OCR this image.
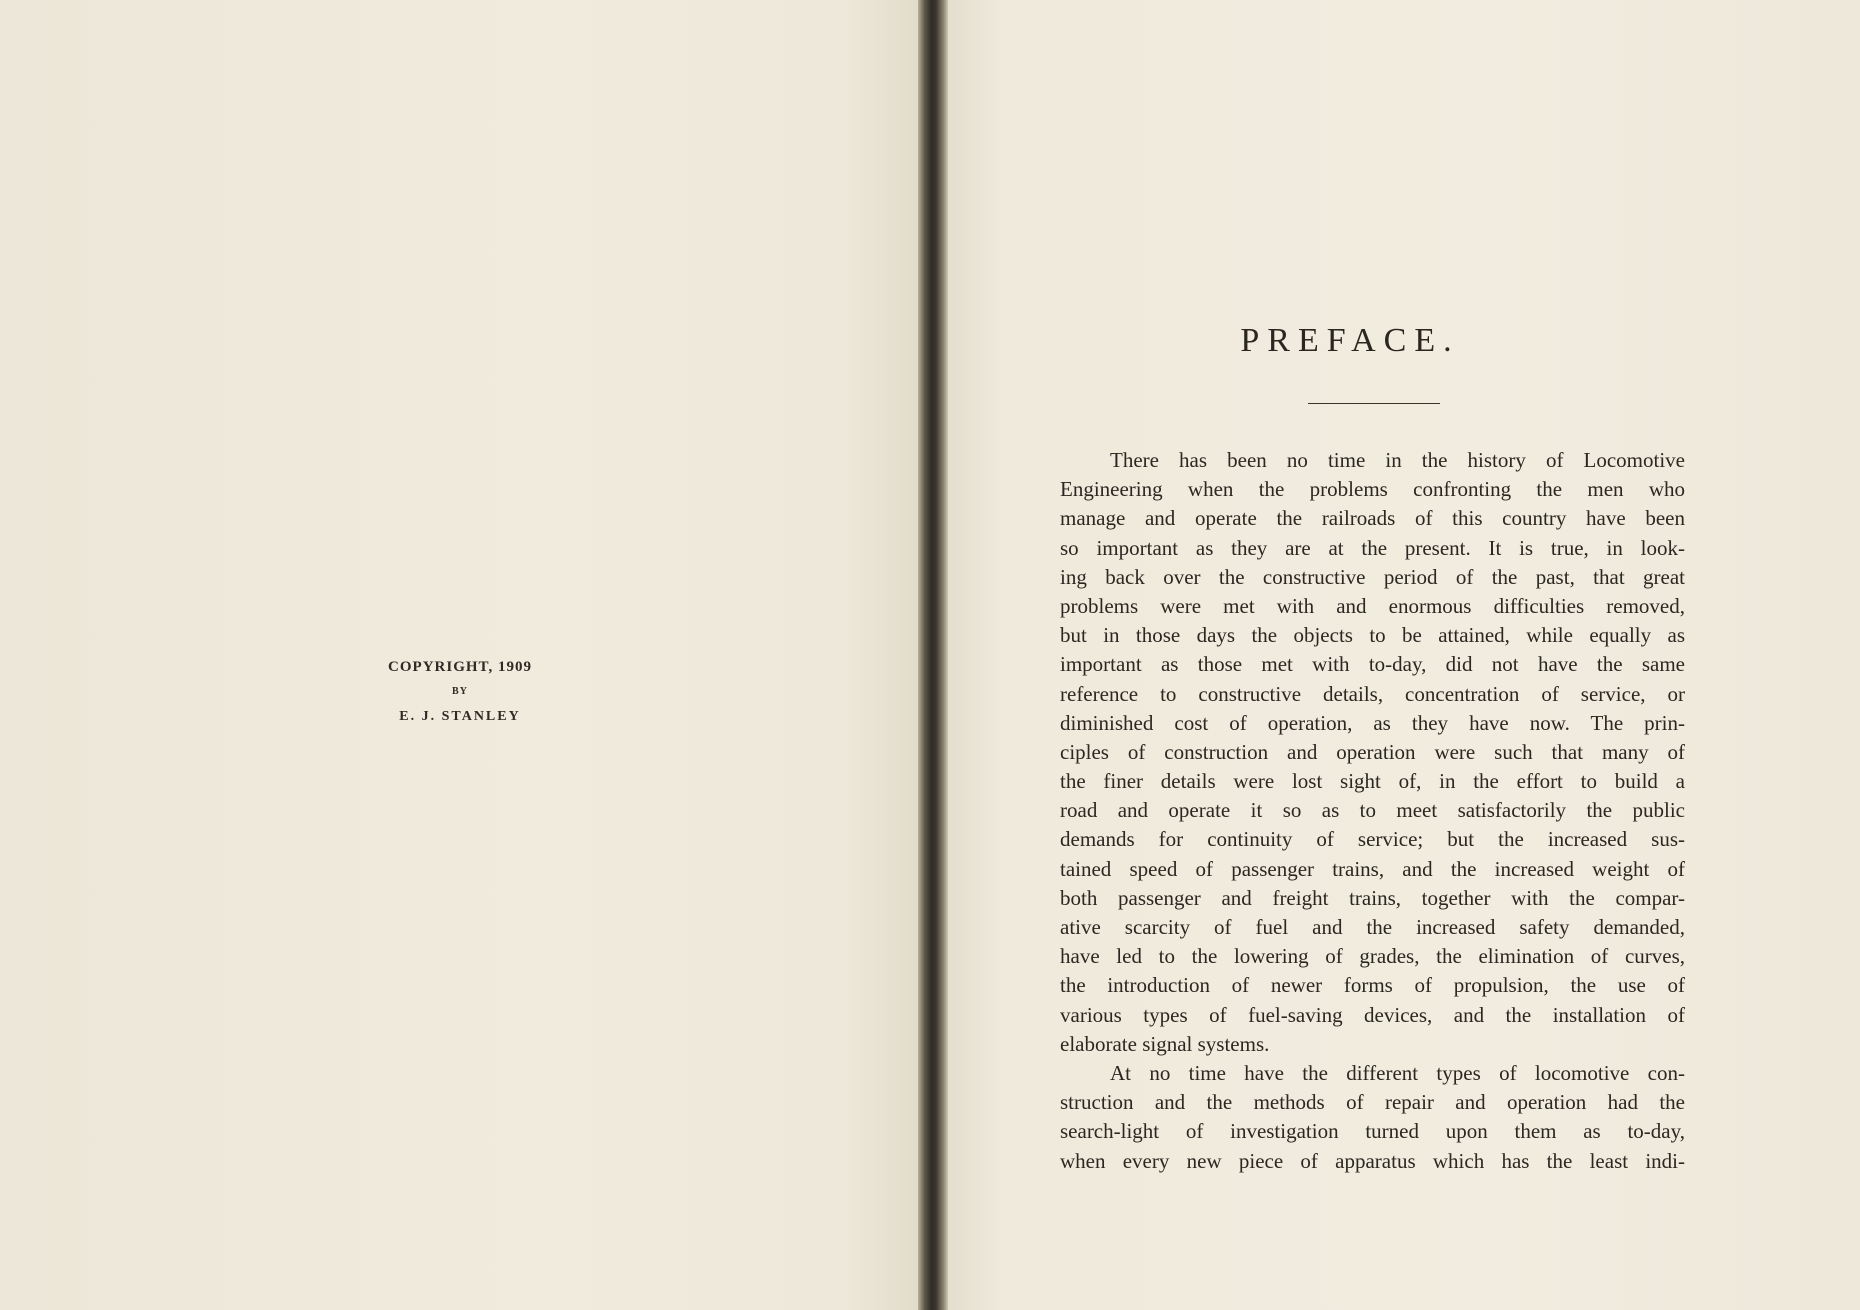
COPYRIGHT, 1909
BY
E. J. STANLEY
PREFACE.
There has been no time in the history of Locomotive
Engineering when the problems confronting the men who
manage and operate the railroads of this country have been
so important as they are at the present. It is true, in look-
ing back over the constructive period of the past, that great
problems were met with and enormous difficulties removed,
but in those days the objects to be attained, while equally as
important as those met with to-day, did not have the same
reference to constructive details, concentration of service, or
diminished cost of operation, as they have now. The prin-
ciples of construction and operation were such that many of
the finer details were lost sight of, in the effort to build a
road and operate it so as to meet satisfactorily the public
demands for continuity of service; but the increased sus-
tained speed of passenger trains, and the increased weight of
both passenger and freight trains, together with the compar-
ative scarcity of fuel and the increased safety demanded,
have led to the lowering of grades, the elimination of curves,
the introduction of newer forms of propulsion, the use of
various types of fuel-saving devices, and the installation of
elaborate signal systems.
At no time have the different types of locomotive con-
struction and the methods of repair and operation had the
search-light of investigation turned upon them as to-day,
when every new piece of apparatus which has the least indi-
